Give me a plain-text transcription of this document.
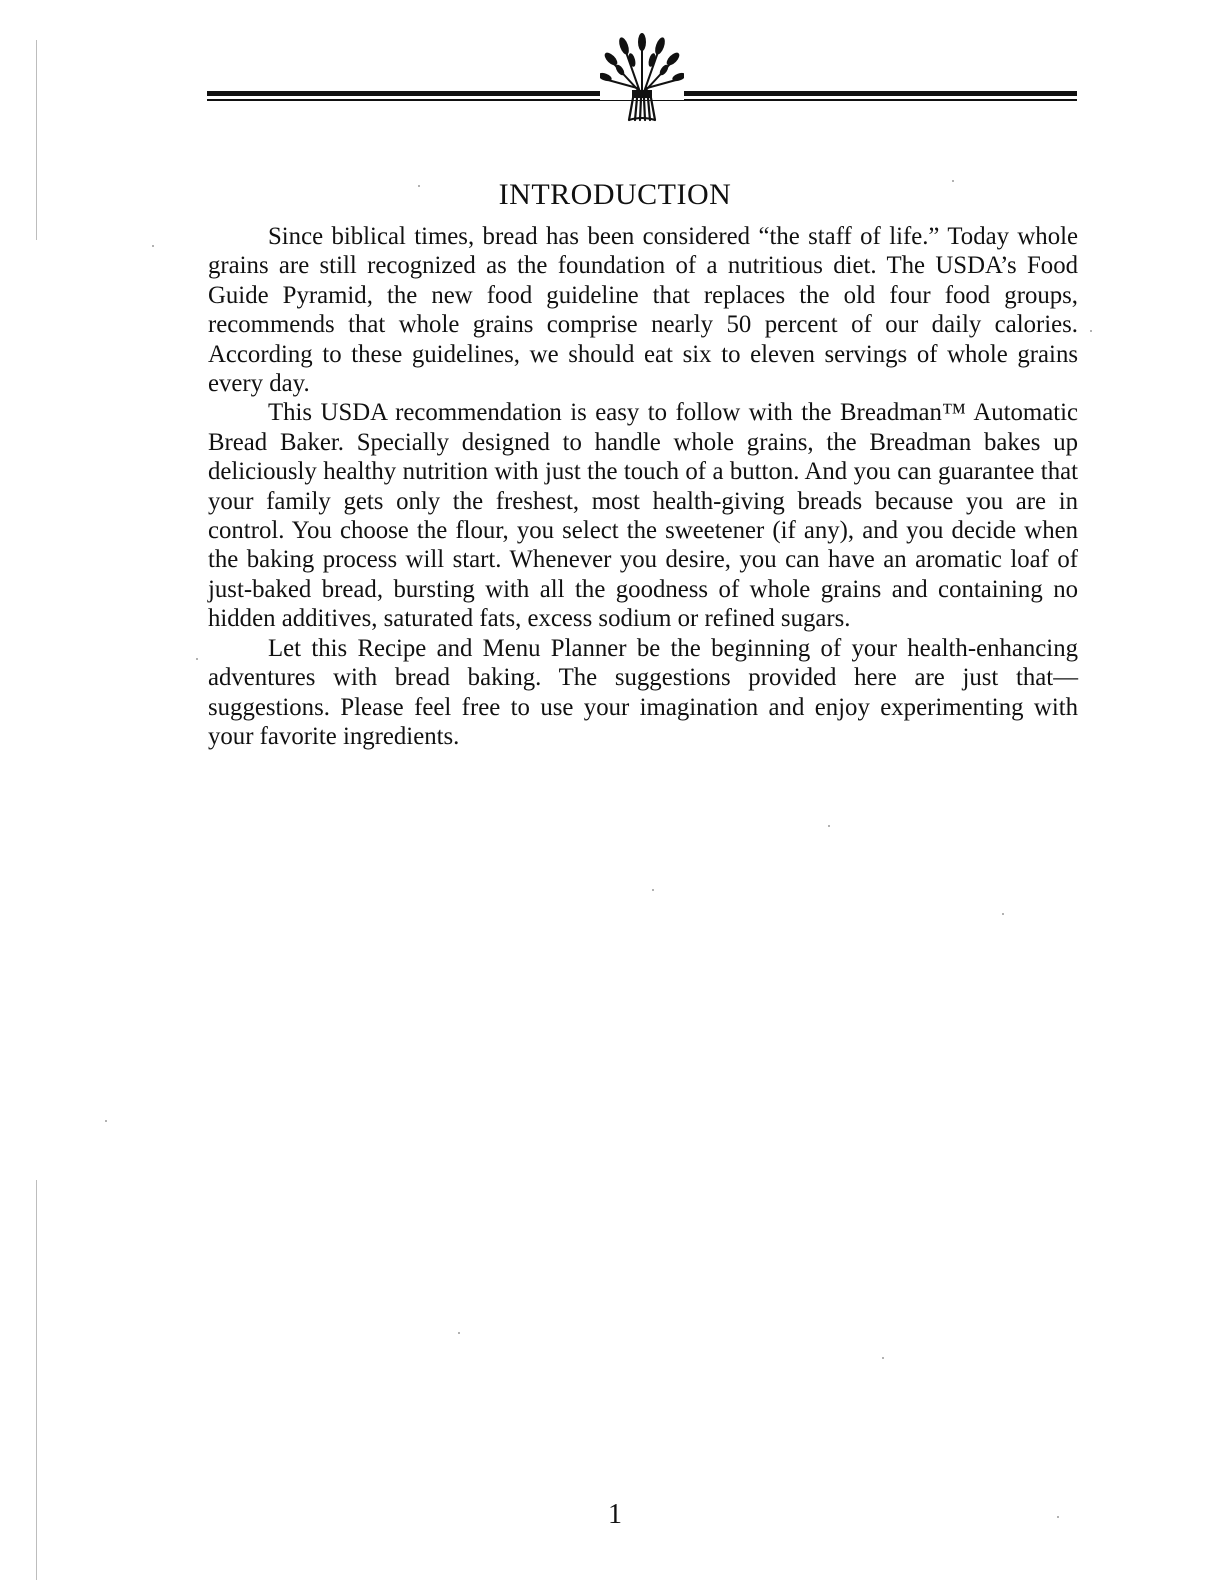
INTRODUCTION

Since biblical times, bread has been considered “the staff of life.” Today whole grains are still recognized as the foundation of a nutritious diet. The USDA’s Food Guide Pyramid, the new food guideline that replaces the old four food groups, recommends that whole grains comprise nearly 50 percent of our daily calories. According to these guidelines, we should eat six to eleven servings of whole grains every day.

This USDA recommendation is easy to follow with the Breadman™ Automatic Bread Baker. Specially designed to handle whole grains, the Breadman bakes up deliciously healthy nutrition with just the touch of a button. And you can guarantee that your family gets only the freshest, most health-giving breads because you are in control. You choose the flour, you select the sweetener (if any), and you decide when the baking process will start. Whenever you desire, you can have an aromatic loaf of just-baked bread, bursting with all the goodness of whole grains and containing no hidden additives, saturated fats, excess sodium or refined sugars.

Let this Recipe and Menu Planner be the beginning of your health-enhancing adventures with bread baking. The suggestions provided here are just that—suggestions. Please feel free to use your imagination and enjoy experimenting with your favorite ingredients.

1
